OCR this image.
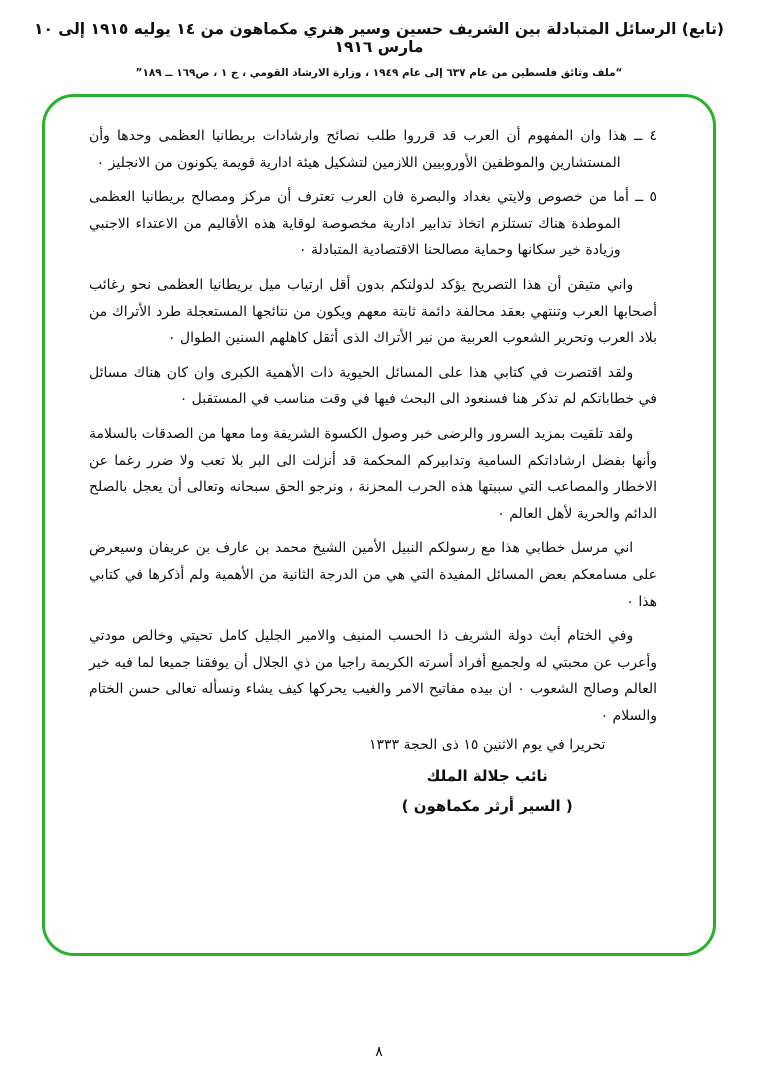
(تابع) الرسائل المتبادلة بين الشريف حسين وسير هنري مكماهون من ١٤ يوليه ١٩١٥ إلى ١٠ مارس ١٩١٦
“ملف وثائق فلسطين من عام ٦٣٧ إلى عام ١٩٤٩ ، وزارة الارشاد القومي ، ج ١ ، ص١٦٩ ــ ١٨٩”

٤ ــ هذا وان المفهوم أن العرب قد قرروا طلب نصائح وارشادات بريطانيا العظمى وحدها وأن المستشارين والموظفين الأوروبيين اللازمين لتشكيل هيئة ادارية قويمة يكونون من الانجليز ٠

٥ ــ أما من خصوص ولايتي بغداد والبصرة فان العرب تعترف أن مركز ومصالح بريطانيا العظمى الموطدة هناك تستلزم اتخاذ تدابير ادارية مخصوصة لوقاية هذه الأقاليم من الاعتداء الاجنبي وزيادة خير سكانها وحماية مصالحنا الاقتصادية المتبادلة ٠

واني متيقن أن هذا التصريح يؤكد لدولتكم بدون أقل ارتياب ميل بريطانيا العظمى نحو رغائب أصحابها العرب وتنتهي بعقد محالفة دائمة ثابتة معهم ويكون من نتائجها المستعجلة طرد الأتراك من بلاد العرب وتحرير الشعوب العربية من نير الأتراك الذى أثقل كاهلهم السنين الطوال ٠

ولقد اقتصرت في كتابي هذا على المسائل الحيوية ذات الأهمية الكبرى وان كان هناك مسائل في خطاباتكم لم تذكر هنا فسنعود الى البحث فيها في وقت مناسب في المستقبل ٠

ولقد تلقيت بمزيد السرور والرضى خبر وصول الكسوة الشريفة وما معها من الصدقات بالسلامة وأنها بفضل ارشاداتكم السامية وتدابيركم المحكمة قد أنزلت الى البر بلا تعب ولا ضرر رغما عن الاخطار والمصاعب التي سببتها هذه الحرب المحزنة ، ونرجو الحق سبحانه وتعالى أن يعجل بالصلح الدائم والحرية لأهل العالم ٠

اني مرسل خطابي هذا مع رسولكم النبيل الأمين الشيخ محمد بن عارف بن عريفان وسيعرض على مسامعكم بعض المسائل المفيدة التي هي من الدرجة الثانية من الأهمية ولم أذكرها في كتابي هذا ٠

وفي الختام أبث دولة الشريف ذا الحسب المنيف والامير الجليل كامل تحيتي وخالص مودتي وأعرب عن محبتي له ولجميع أفراد أسرته الكريمة راجيا من ذي الجلال أن يوفقنا جميعا لما فيه خير العالم وصالح الشعوب ٠ ان بيده مفاتيح الامر والغيب يحركها كيف يشاء ونسأله تعالى حسن الختام والسلام ٠

تحريرا في يوم الاثنين ١٥ ذى الحجة ١٣٣٣
نائب جلالة الملك
( السير أرثر مكماهون )
٨
